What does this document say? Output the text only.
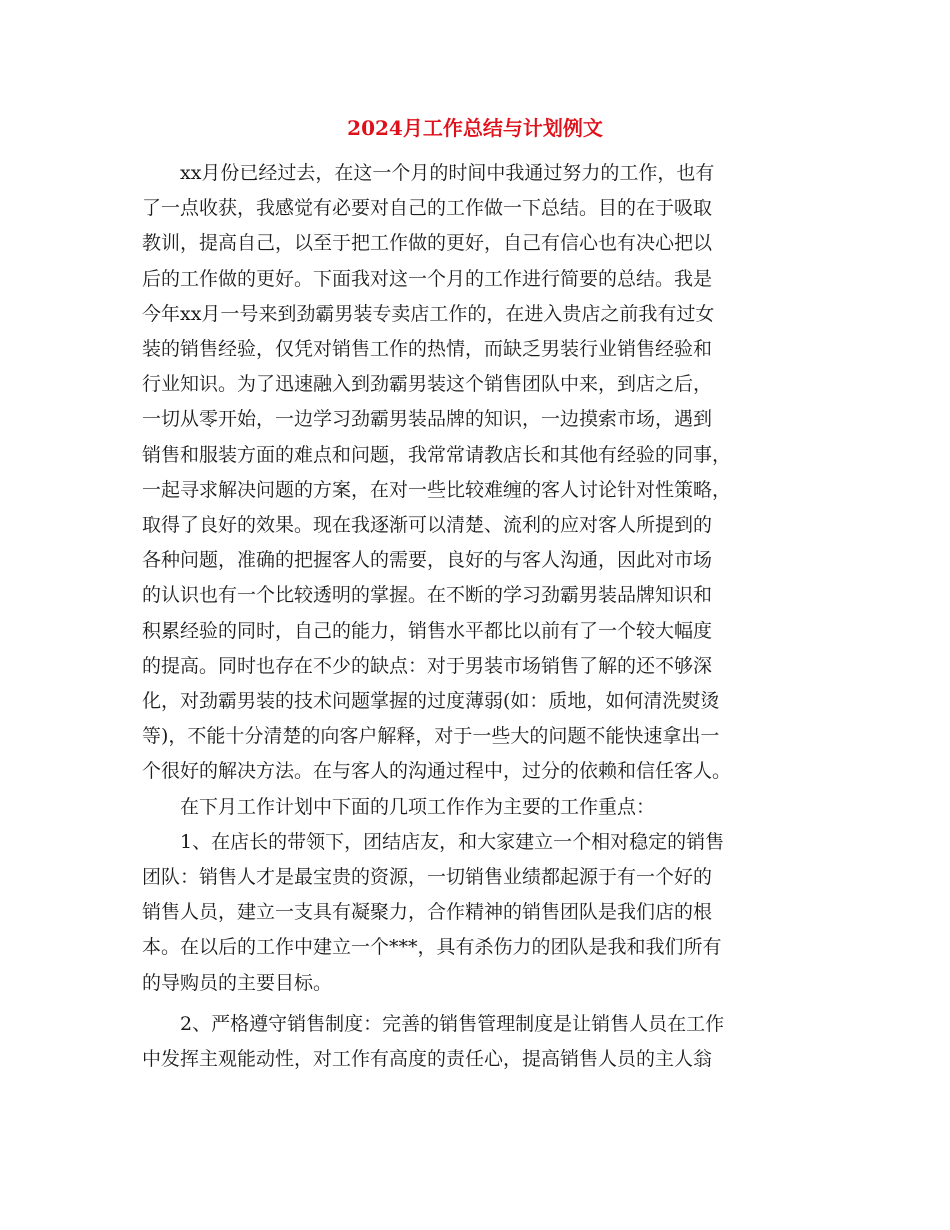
2024月工作总结与计划例文
xx月份已经过去，在这一个月的时间中我通过努力的工作，也有
了一点收获，我感觉有必要对自己的工作做一下总结。目的在于吸取
教训，提高自己，以至于把工作做的更好，自己有信心也有决心把以
后的工作做的更好。下面我对这一个月的工作进行简要的总结。我是
今年xx月一号来到劲霸男装专卖店工作的，在进入贵店之前我有过女
装的销售经验，仅凭对销售工作的热情，而缺乏男装行业销售经验和
行业知识。为了迅速融入到劲霸男装这个销售团队中来，到店之后，
一切从零开始，一边学习劲霸男装品牌的知识，一边摸索市场，遇到
销售和服装方面的难点和问题，我常常请教店长和其他有经验的同事，
一起寻求解决问题的方案，在对一些比较难缠的客人讨论针对性策略，
取得了良好的效果。现在我逐渐可以清楚、流利的应对客人所提到的
各种问题，准确的把握客人的需要，良好的与客人沟通，因此对市场
的认识也有一个比较透明的掌握。在不断的学习劲霸男装品牌知识和
积累经验的同时，自己的能力，销售水平都比以前有了一个较大幅度
的提高。同时也存在不少的缺点：对于男装市场销售了解的还不够深
化，对劲霸男装的技术问题掌握的过度薄弱(如：质地，如何清洗熨烫
等)，不能十分清楚的向客户解释，对于一些大的问题不能快速拿出一
个很好的解决方法。在与客人的沟通过程中，过分的依赖和信任客人。
在下月工作计划中下面的几项工作作为主要的工作重点：
1、在店长的带领下，团结店友，和大家建立一个相对稳定的销售
团队：销售人才是最宝贵的资源，一切销售业绩都起源于有一个好的
销售人员，建立一支具有凝聚力，合作精神的销售团队是我们店的根
本。在以后的工作中建立一个***，具有杀伤力的团队是我和我们所有
的导购员的主要目标。
2、严格遵守销售制度：完善的销售管理制度是让销售人员在工作
中发挥主观能动性，对工作有高度的责任心，提高销售人员的主人翁
